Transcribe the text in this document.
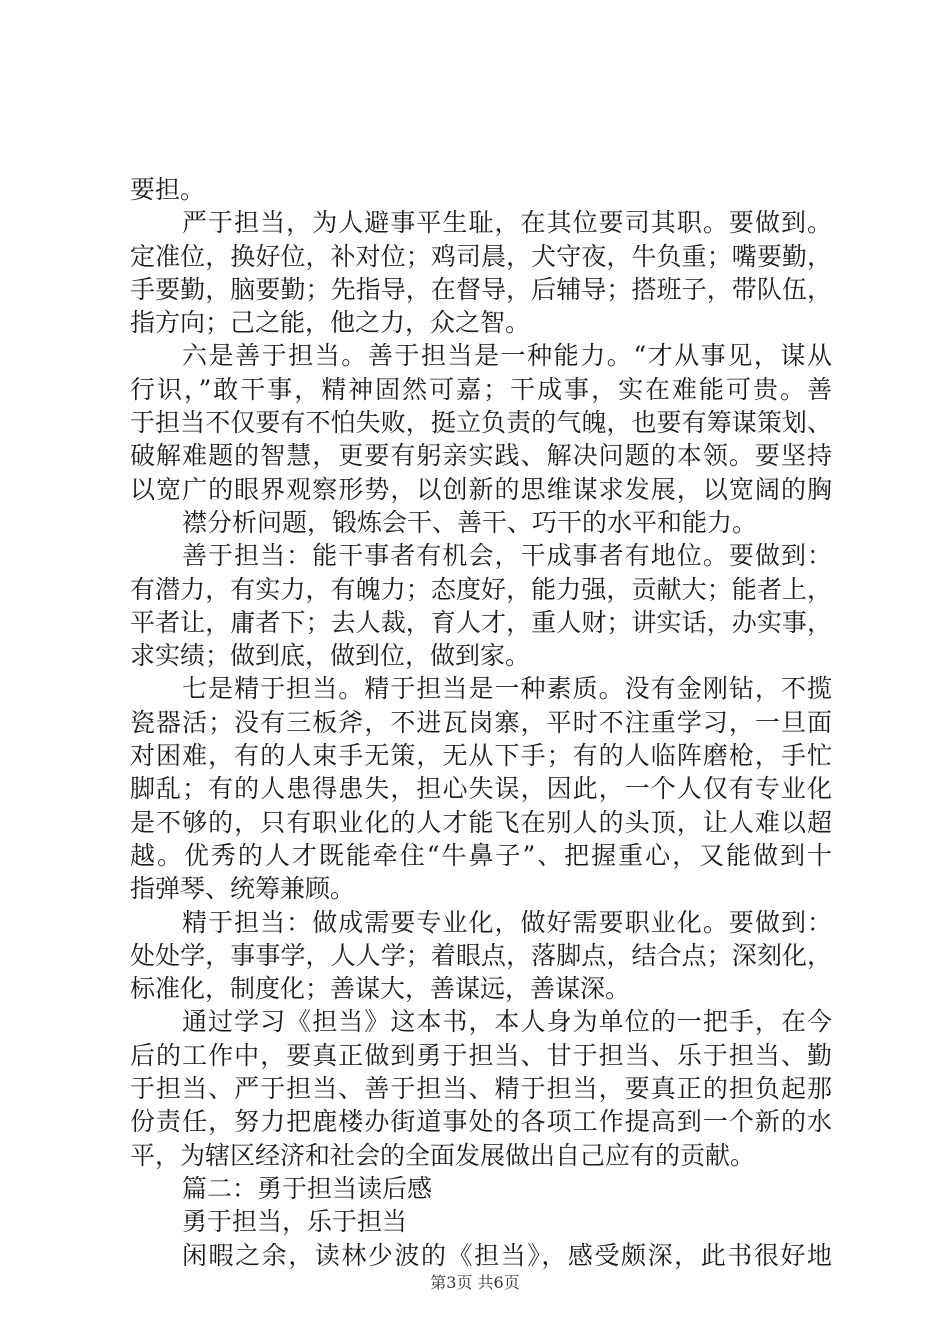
要担。
严于担当，为人避事平生耻，在其位要司其职。要做到。
定准位，换好位，补对位；鸡司晨，犬守夜，牛负重；嘴要勤，
手要勤，脑要勤；先指导，在督导，后辅导；搭班子，带队伍，
指方向；己之能，他之力，众之智。
六是善于担当。善于担当是一种能力。“才从事见，谋从
行识，”敢干事，精神固然可嘉；干成事，实在难能可贵。善
于担当不仅要有不怕失败，挺立负责的气魄，也要有筹谋策划、
破解难题的智慧，更要有躬亲实践、解决问题的本领。要坚持
以宽广的眼界观察形势，以创新的思维谋求发展，以宽阔的胸
襟分析问题，锻炼会干、善干、巧干的水平和能力。
善于担当：能干事者有机会，干成事者有地位。要做到：
有潜力，有实力，有魄力；态度好，能力强，贡献大；能者上，
平者让，庸者下；去人裁，育人才，重人财；讲实话，办实事，
求实绩；做到底，做到位，做到家。
七是精于担当。精于担当是一种素质。没有金刚钻，不揽
瓷器活；没有三板斧，不进瓦岗寨，平时不注重学习，一旦面
对困难，有的人束手无策，无从下手；有的人临阵磨枪，手忙
脚乱；有的人患得患失，担心失误，因此，一个人仅有专业化
是不够的，只有职业化的人才能飞在别人的头顶，让人难以超
越。优秀的人才既能牵住“牛鼻子”、把握重心，又能做到十
指弹琴、统筹兼顾。
精于担当：做成需要专业化，做好需要职业化。要做到：
处处学，事事学，人人学；着眼点，落脚点，结合点；深刻化，
标准化，制度化；善谋大，善谋远，善谋深。
通过学习《担当》这本书，本人身为单位的一把手，在今
后的工作中，要真正做到勇于担当、甘于担当、乐于担当、勤
于担当、严于担当、善于担当、精于担当，要真正的担负起那
份责任，努力把鹿楼办街道事处的各项工作提高到一个新的水
平，为辖区经济和社会的全面发展做出自己应有的贡献。
篇二：勇于担当读后感
勇于担当，乐于担当
闲暇之余，读林少波的《担当》，感受颇深，此书很好地
第3页 共6页
